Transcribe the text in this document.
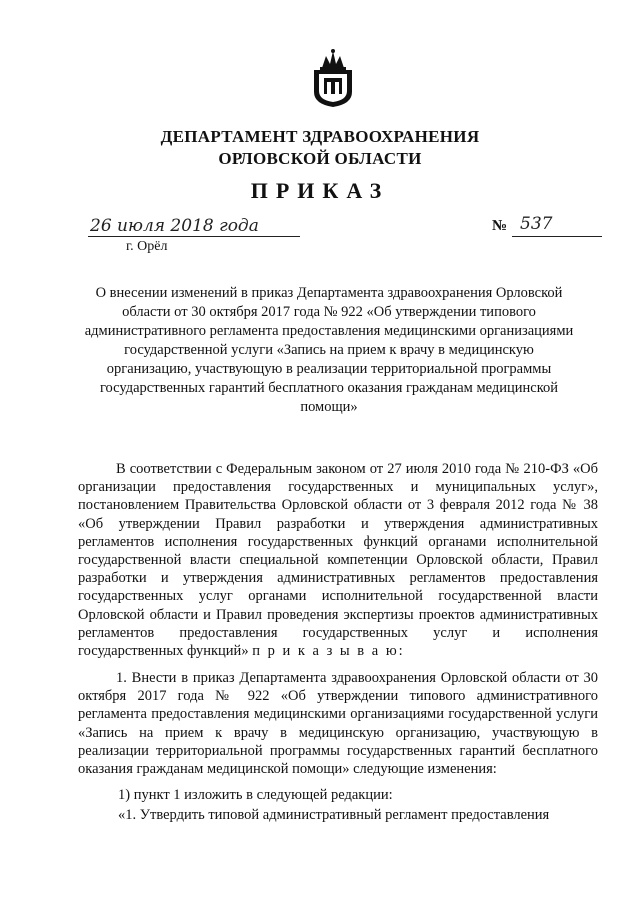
ДЕПАРТАМЕНТ ЗДРАВООХРАНЕНИЯ
ОРЛОВСКОЙ ОБЛАСТИ
ПРИКАЗ
26 июля 2018 года	№ 537
г. Орёл
О внесении изменений в приказ Департамента здравоохранения Орловской области от 30 октября 2017 года № 922 «Об утверждении типового административного регламента предоставления медицинскими организациями государственной услуги «Запись на прием к врачу в медицинскую организацию, участвующую в реализации территориальной программы государственных гарантий бесплатного оказания гражданам медицинской помощи»
В соответствии с Федеральным законом от 27 июля 2010 года № 210-ФЗ «Об организации предоставления государственных и муниципальных услуг», постановлением Правительства Орловской области от 3 февраля 2012 года № 38 «Об утверждении Правил разработки и утверждения административных регламентов исполнения государственных функций органами исполнительной государственной власти специальной компетенции Орловской области, Правил разработки и утверждения административных регламентов предоставления государственных услуг органами исполнительной государственной власти Орловской области и Правил проведения экспертизы проектов административных регламентов предоставления государственных услуг и исполнения государственных функций» п р и к а з ы в а ю:
1. Внести в приказ Департамента здравоохранения Орловской области от 30 октября 2017 года № 922 «Об утверждении типового административного регламента предоставления медицинскими организациями государственной услуги «Запись на прием к врачу в медицинскую организацию, участвующую в реализации территориальной программы государственных гарантий бесплатного оказания гражданам медицинской помощи» следующие изменения:
1) пункт 1 изложить в следующей редакции:
«1. Утвердить типовой административный регламент предоставления
